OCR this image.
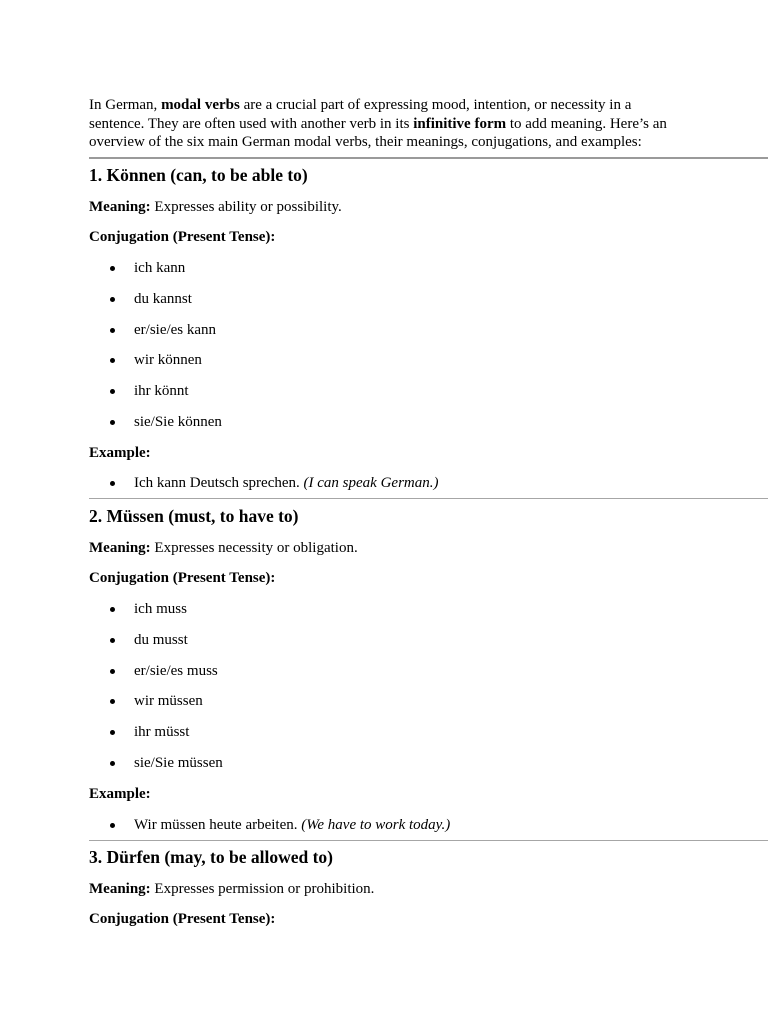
In German, modal verbs are a crucial part of expressing mood, intention, or necessity in a sentence. They are often used with another verb in its infinitive form to add meaning. Here’s an overview of the six main German modal verbs, their meanings, conjugations, and examples:

1. Können (can, to be able to)

Meaning: Expresses ability or possibility.

Conjugation (Present Tense):

ich kann
du kannst
er/sie/es kann
wir können
ihr könnt
sie/Sie können

Example:

Ich kann Deutsch sprechen. (I can speak German.)
2. Müssen (must, to have to)

Meaning: Expresses necessity or obligation.

Conjugation (Present Tense):

ich muss
du musst
er/sie/es muss
wir müssen
ihr müsst
sie/Sie müssen

Example:

Wir müssen heute arbeiten. (We have to work today.)
3. Dürfen (may, to be allowed to)

Meaning: Expresses permission or prohibition.

Conjugation (Present Tense):
